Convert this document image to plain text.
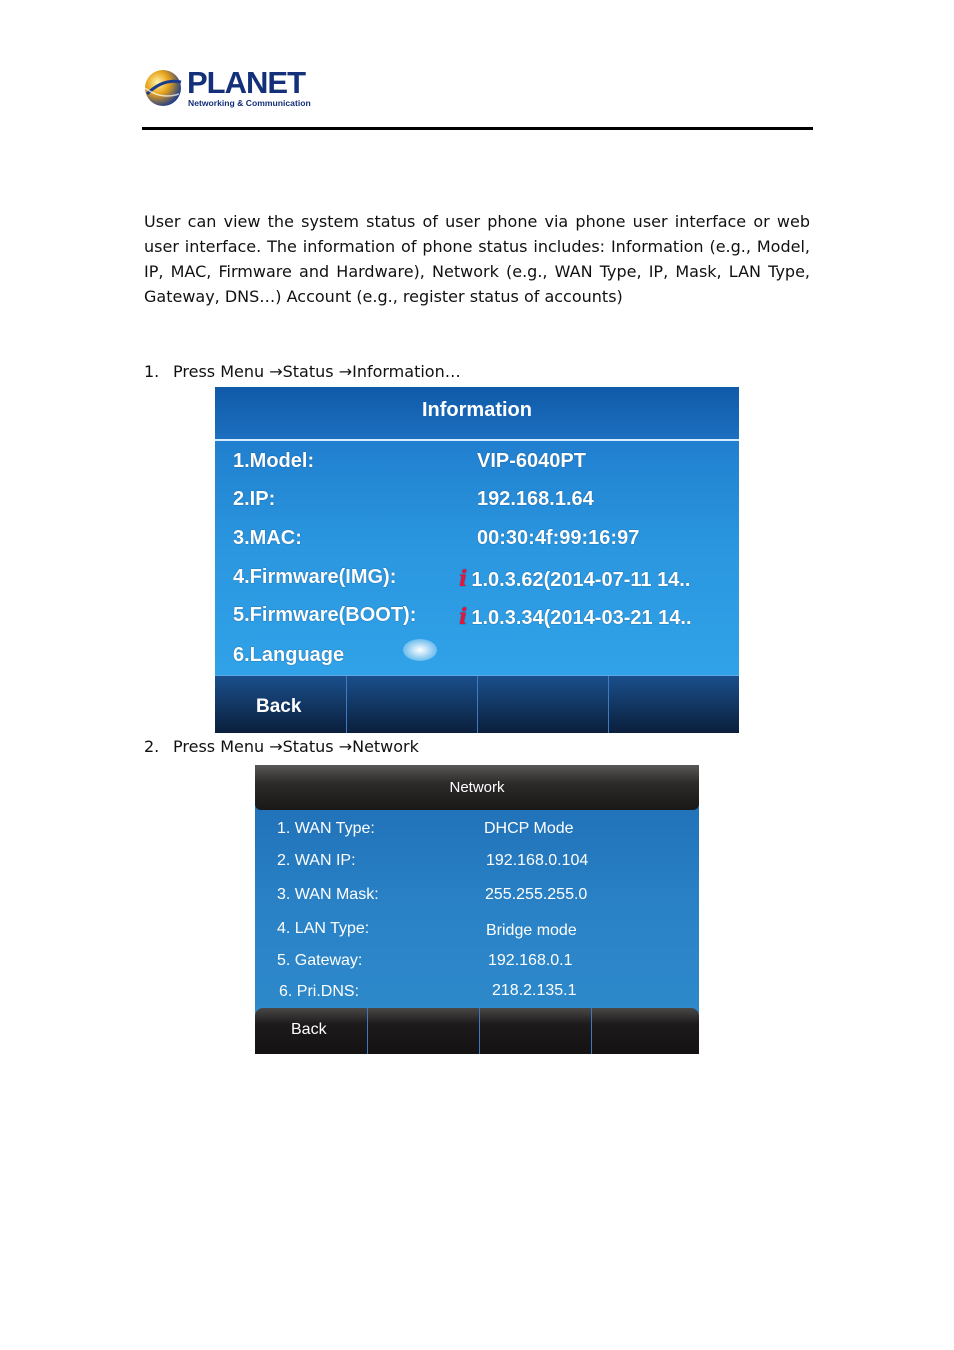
PLANET
Networking & Communication

User can view the system status of user phone via phone user interface or web user interface. The information of phone status includes: Information (e.g., Model, IP, MAC, Firmware and Hardware), Network (e.g., WAN Type, IP, Mask, LAN Type, Gateway, DNS…) Account (e.g., register status of accounts)

1. Press Menu →Status →Information…

Information
1.Model:	VIP-6040PT
2.IP:	192.168.1.64
3.MAC:	00:30:4f:99:16:97
4.Firmware(IMG):	i 1.0.3.62(2014-07-11 14..
5.Firmware(BOOT): i 1.0.3.34(2014-03-21 14..
6.Language
Back

2. Press Menu →Status →Network

Network
1. WAN Type:	DHCP Mode
2. WAN IP:	192.168.0.104
3. WAN Mask:	255.255.255.0
4. LAN Type:	Bridge mode
5. Gateway:	192.168.0.1
6. Pri.DNS:	218.2.135.1
Back
